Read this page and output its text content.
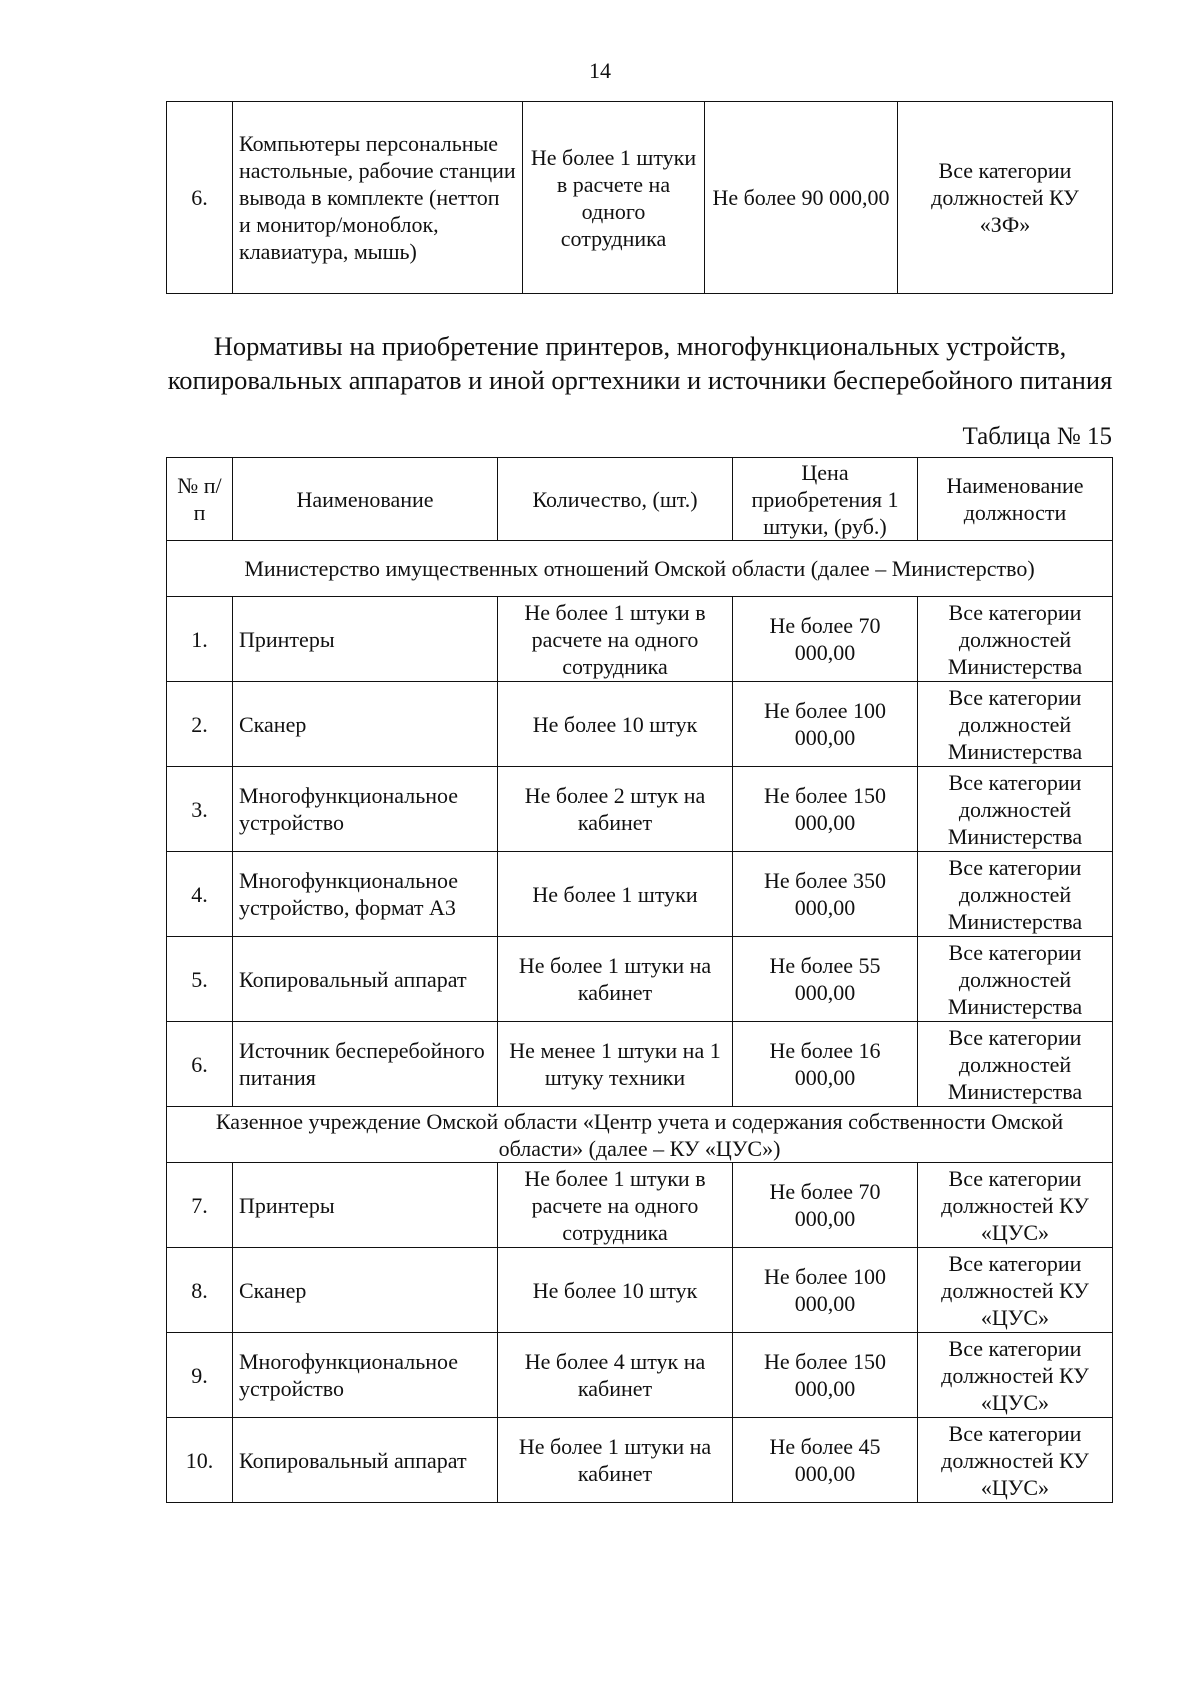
14
6.	Компьютеры персональные настольные, рабочие станции вывода в комплекте (неттоп и монитор/моноблок, клавиатура, мышь)	Не более 1 штуки в расчете на одного сотрудника	Не более 90 000,00	Все категории должностей КУ «ЗФ»
Нормативы на приобретение принтеров, многофункциональных устройств, копировальных аппаратов и иной оргтехники и источники бесперебойного питания
Таблица № 15
№ п/п	Наименование	Количество, (шт.)	Цена приобретения 1 штуки, (руб.)	Наименование должности
Министерство имущественных отношений Омской области (далее – Министерство)				
1.	Принтеры	Не более 1 штуки в расчете на одного сотрудника	Не более 70 000,00	Все категории должностей Министерства
2.	Сканер	Не более 10 штук	Не более 100 000,00	Все категории должностей Министерства
3.	Многофункциональное устройство	Не более 2 штук на кабинет	Не более 150 000,00	Все категории должностей Министерства
4.	Многофункциональное устройство, формат А3	Не более 1 штуки	Не более 350 000,00	Все категории должностей Министерства
5.	Копировальный аппарат	Не более 1 штуки на кабинет	Не более 55 000,00	Все категории должностей Министерства
6.	Источник бесперебойного питания	Не менее 1 штуки на 1 штуку техники	Не более 16 000,00	Все категории должностей Министерства
Казенное учреждение Омской области «Центр учета и содержания собственности Омской области» (далее – КУ «ЦУС»)				
7.	Принтеры	Не более 1 штуки в расчете на одного сотрудника	Не более 70 000,00	Все категории должностей КУ «ЦУС»
8.	Сканер	Не более 10 штук	Не более 100 000,00	Все категории должностей КУ «ЦУС»
9.	Многофункциональное устройство	Не более 4 штук на кабинет	Не более 150 000,00	Все категории должностей КУ «ЦУС»
10.	Копировальный аппарат	Не более 1 штуки на кабинет	Не более 45 000,00	Все категории должностей КУ «ЦУС»
